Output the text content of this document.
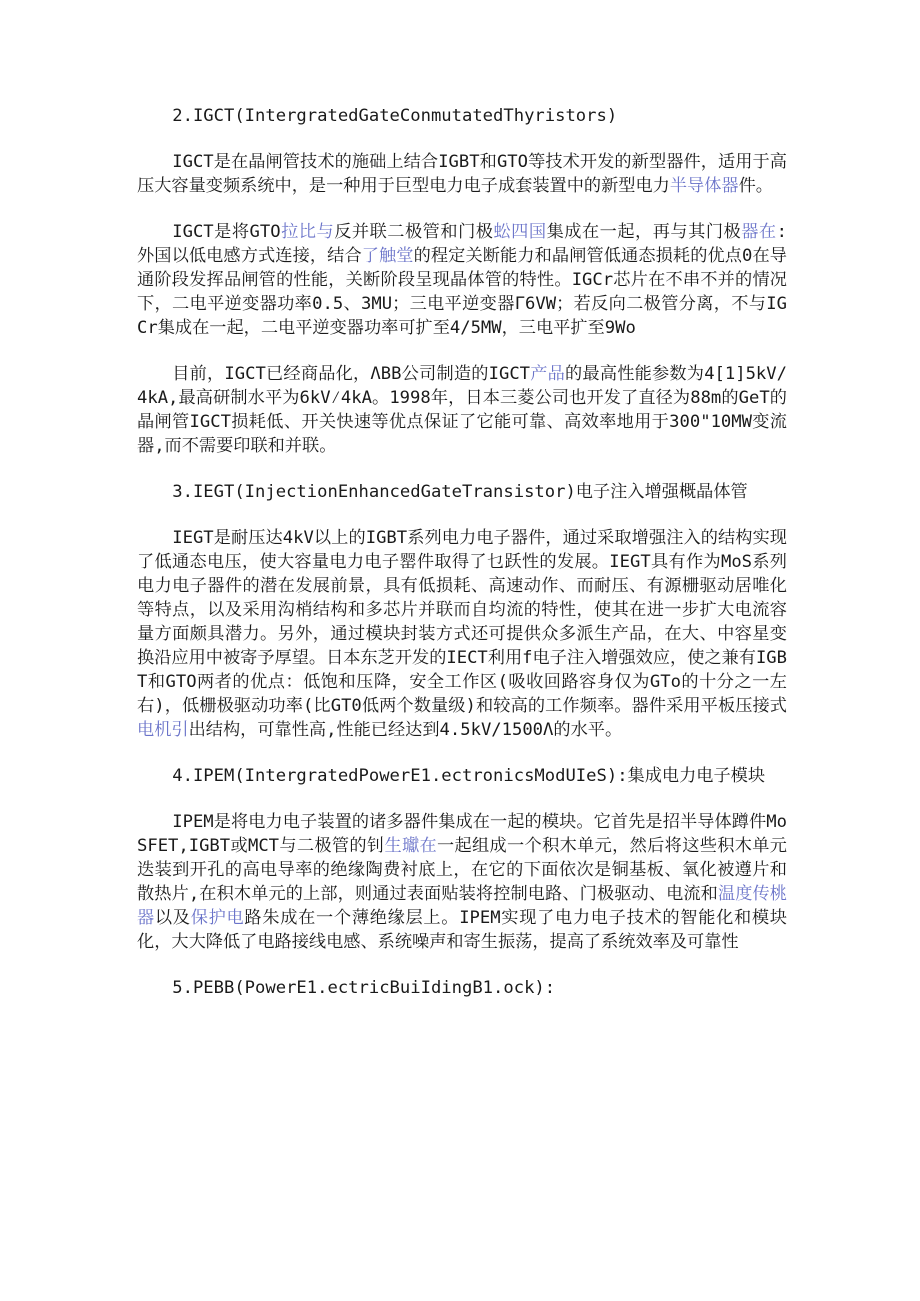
2.IGCT(IntergratedGateConmutatedThyristors)

IGCT是在晶闸管技术的施础上结合IGBT和GTO等技术开发的新型器件，适用于高压大容量变频系统中，是一种用于巨型电力电子成套装置中的新型电力半导体器件。

IGCT是将GTO拉比与反并联二极管和门极蚣四国集成在一起，再与其门极器在:外国以低电感方式连接，结合了触堂的程定关断能力和晶闸管低通态损耗的优点0在导通阶段发挥品闸管的性能，关断阶段呈现晶体管的特性。IGCr芯片在不串不并的情况下，二电平逆变器功率0.5、3MU；三电平逆变器Γ6VW；若反向二极管分离，不与IGCr集成在一起，二电平逆变器功率可扩至4/5MW，三电平扩至9Wo

目前，IGCT已经商品化，ΛBB公司制造的IGCT产品的最高性能参数为4[1]5kV/4kA,最高研制水平为6kV⁄4kA。1998年，日本三菱公司也开发了直径为88m的GeT的晶闸管IGCT损耗低、开关快速等优点保证了它能可靠、高效率地用于300"10MW变流器,而不需要印联和并联。

3.IEGT(InjectionEnhancedGateTransistor)电子注入增强概晶体管

IEGT是耐压达4kV以上的IGBT系列电力电子器件，通过采取增强注入的结构实现了低通态电压，使大容量电力电子罂件取得了乜跃性的发展。IEGT具有作为MoS系列电力电子器件的潜在发展前景，具有低损耗、高速动作、而耐压、有源栅驱动居唯化等特点，以及采用沟梢结构和多芯片并联而自均流的特性，使其在进一步扩大电流容量方面颇具潜力。另外，通过模块封装方式还可提供众多派生产品，在大、中容星变换沿应用中被寄予厚望。日本东芝开发的IECT利用f电子注入增强效应，使之兼有IGBT和GTO两者的优点：低饱和压降，安全工作区(吸收回路容身仅为GTo的十分之一左右)，低栅极驱动功率(比GT0低两个数量级)和较高的工作频率。器件采用平板压接式电机引出结构，可靠性高,性能已经达到4.5kV/1500Λ的水平。

4.IPEM(IntergratedPowerE1.ectronicsModUIeS):集成电力电子模块

IPEM是将电力电子装置的诸多器件集成在一起的模块。它首先是招半导体蹲件MoSFET,IGBT或MCT与二极管的钊生瓛在一起组成一个积木单元，然后将这些积木单元迭装到开孔的高电导率的绝缘陶费衬底上，在它的下面依次是铜基板、氧化被遵片和散热片,在积木单元的上部，则通过表面贴装将控制电路、门极驱动、电流和温度传桃器以及保护电路朱成在一个薄绝缘层上。IPEM实现了电力电子技术的智能化和模块化，大大降低了电路接线电感、系统噪声和寄生振荡，提高了系统效率及可靠性

5.PEBB(PowerE1.ectricBuiIdingB1.ock):
